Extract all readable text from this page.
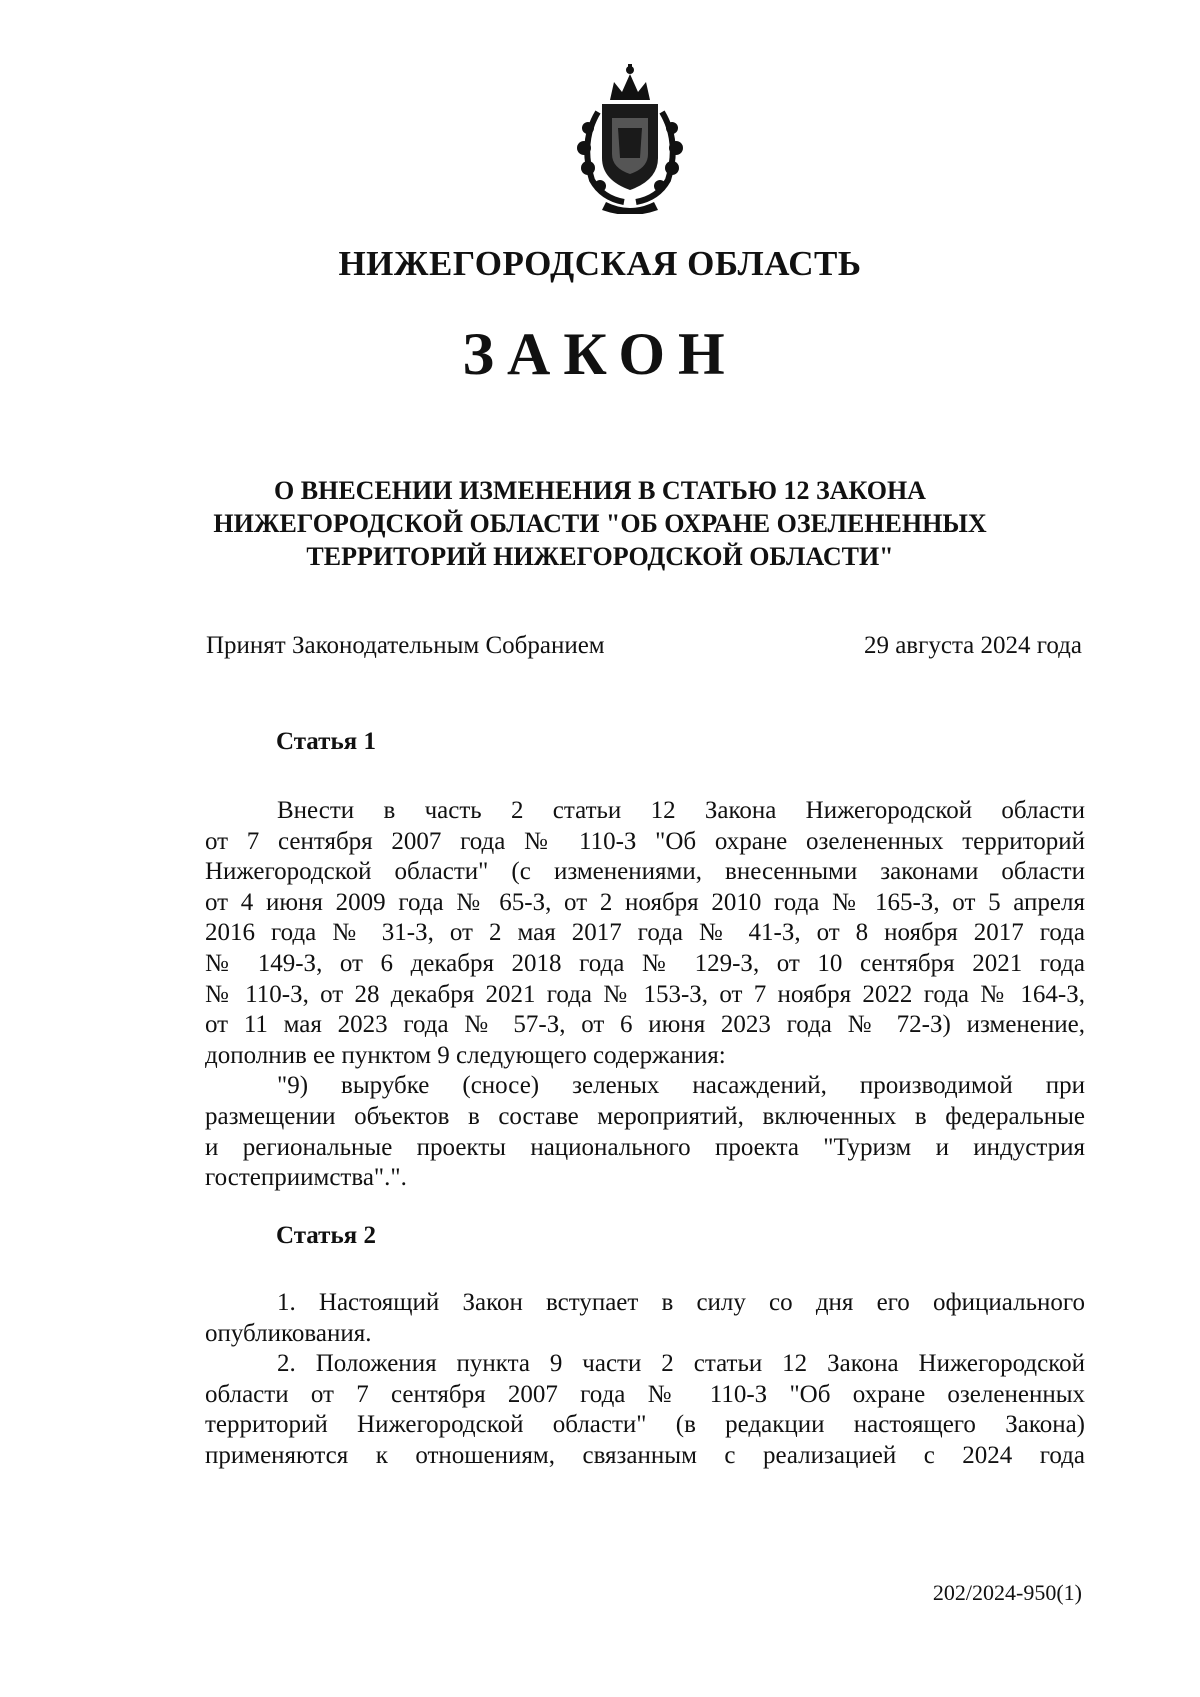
НИЖЕГОРОДСКАЯ ОБЛАСТЬ
ЗАКОН
О ВНЕСЕНИИ ИЗМЕНЕНИЯ В СТАТЬЮ 12 ЗАКОНА
НИЖЕГОРОДСКОЙ ОБЛАСТИ "ОБ ОХРАНЕ ОЗЕЛЕНЕННЫХ
ТЕРРИТОРИЙ НИЖЕГОРОДСКОЙ ОБЛАСТИ"
Принят Законодательным Собранием	29 августа 2024 года
Статья 1
Внести в часть 2 статьи 12 Закона Нижегородской области
от 7 сентября 2007 года № 110-З "Об охране озелененных территорий
Нижегородской области" (с изменениями, внесенными законами области
от 4 июня 2009 года № 65-З, от 2 ноября 2010 года № 165-З, от 5 апреля
2016 года № 31-З, от 2 мая 2017 года № 41-З, от 8 ноября 2017 года
№ 149-З, от 6 декабря 2018 года № 129-З, от 10 сентября 2021 года
№ 110-З, от 28 декабря 2021 года № 153-З, от 7 ноября 2022 года № 164-З,
от 11 мая 2023 года № 57-З, от 6 июня 2023 года № 72-З) изменение,
дополнив ее пунктом 9 следующего содержания:
"9) вырубке (сносе) зеленых насаждений, производимой при
размещении объектов в составе мероприятий, включенных в федеральные
и региональные проекты национального проекта "Туризм и индустрия
гостеприимства".".
Статья 2
1. Настоящий Закон вступает в силу со дня его официального
опубликования.
2. Положения пункта 9 части 2 статьи 12 Закона Нижегородской
области от 7 сентября 2007 года № 110-З "Об охране озелененных
территорий Нижегородской области" (в редакции настоящего Закона)
применяются к отношениям, связанным с реализацией с 2024 года
202/2024-950(1)
